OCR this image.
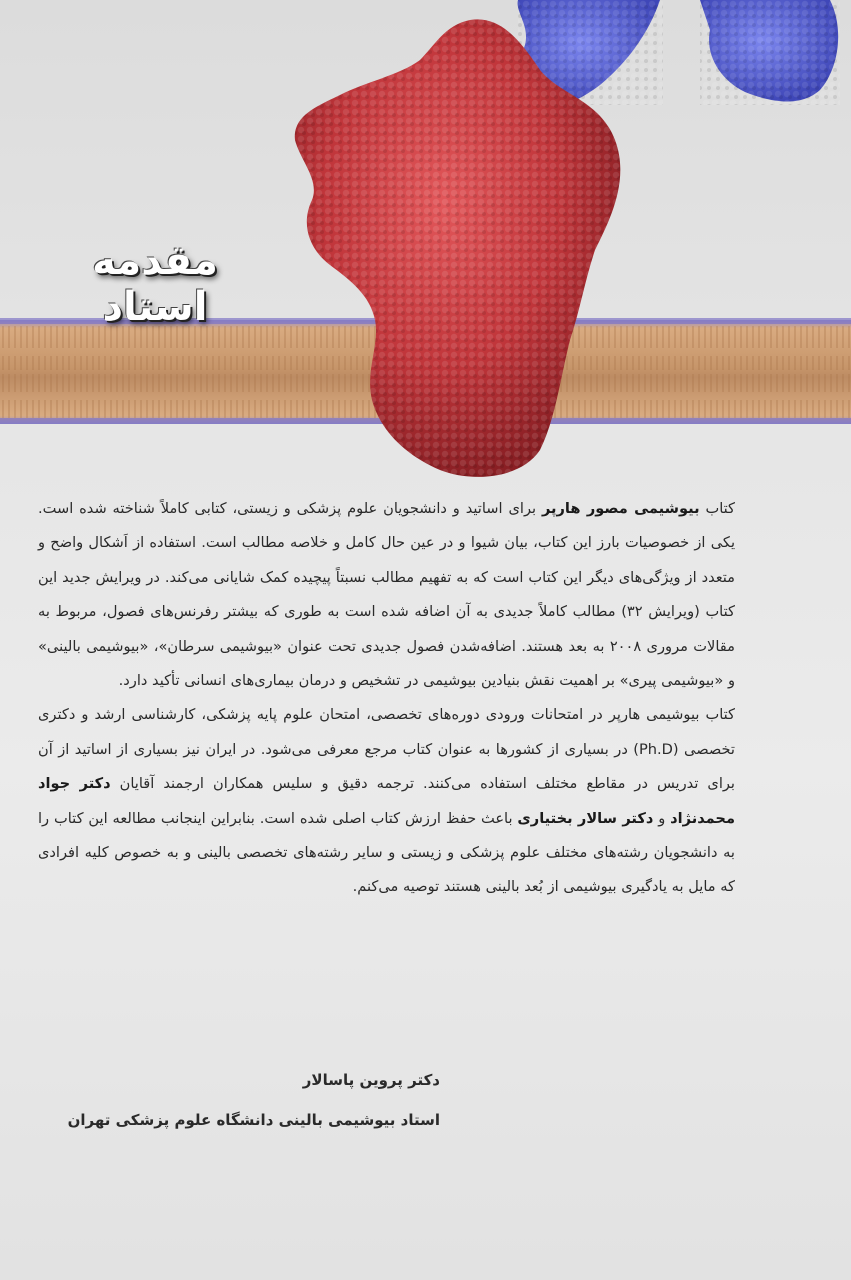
مقدمه استاد

کتاب بیوشیمی مصور هارپر برای اساتید و دانشجویان علوم پزشکی و زیستی، کتابی کاملاً شناخته شده است. یکی از خصوصیات بارز این کتاب، بیان شیوا و در عین حال کامل و خلاصه مطالب است. استفاده از اَشکال واضح و متعدد از ویژگی‌های دیگر این کتاب است که به تفهیم مطالب نسبتاً پیچیده کمک شایانی می‌کند. در ویرایش جدید این کتاب (ویرایش ۳۲) مطالب کاملاً جدیدی به آن اضافه شده است به طوری که بیشتر رفرنس‌های فصول، مربوط به مقالات مروری ۲۰۰۸ به بعد هستند. اضافه‌شدن فصول جدیدی تحت عنوان «بیوشیمی سرطان»، «بیوشیمی بالینی» و «بیوشیمی پیری» بر اهمیت نقش بنیادین بیوشیمی در تشخیص و درمان بیماری‌های انسانی تأکید دارد.

کتاب بیوشیمی هارپر در امتحانات ورودی دوره‌های تخصصی، امتحان علوم پایه پزشکی، کارشناسی ارشد و دکتری تخصصی (Ph.D) در بسیاری از کشورها به عنوان کتاب مرجع معرفی می‌شود. در ایران نیز بسیاری از اساتید از آن برای تدریس در مقاطع مختلف استفاده می‌کنند. ترجمه دقیق و سلیس همکاران ارجمند آقایان دکتر جواد محمدنژاد و دکتر سالار بختیاری باعث حفظ ارزش کتاب اصلی شده است. بنابراین اینجانب مطالعه این کتاب را به دانشجویان رشته‌های مختلف علوم پزشکی و زیستی و سایر رشته‌های تخصصی بالینی و به خصوص کلیه افرادی که مایل به یادگیری بیوشیمی از بُعد بالینی هستند توصیه می‌کنم.

دکتر پروین پاسالار
استاد بیوشیمی بالینی دانشگاه علوم پزشکی تهران
